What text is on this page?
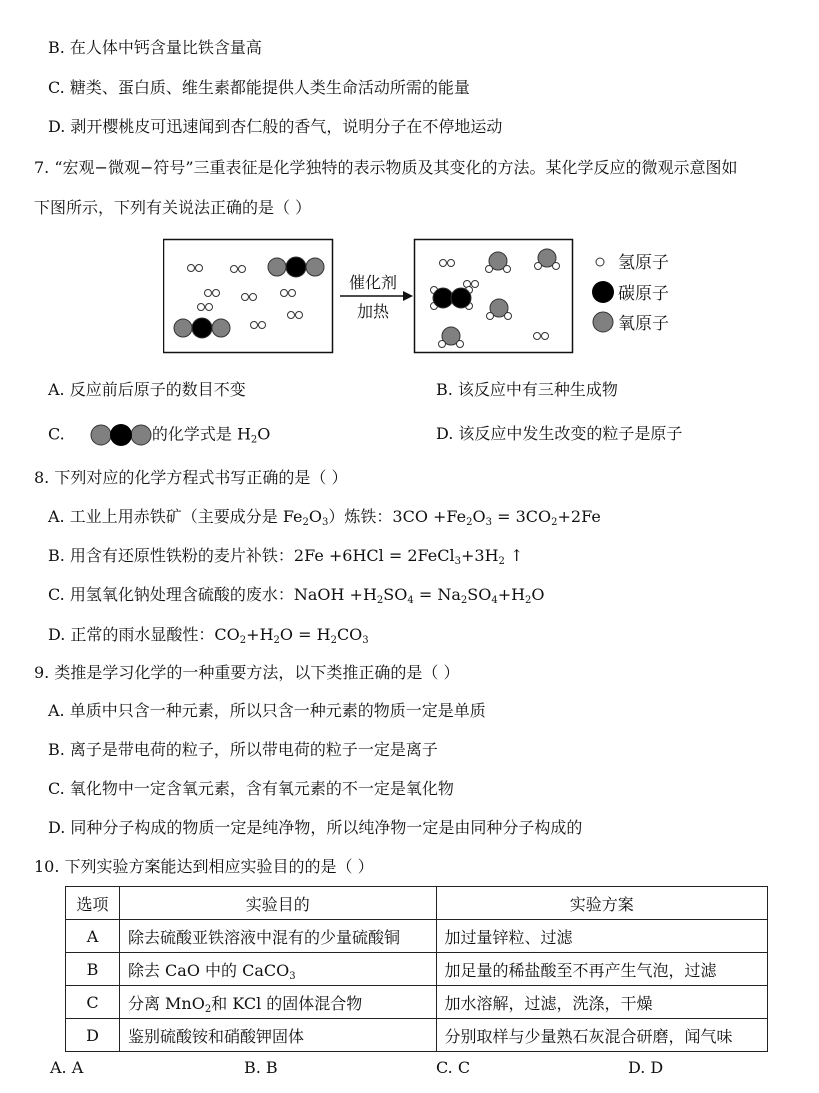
B. 在人体中钙含量比铁含量高
C. 糖类、蛋白质、维生素都能提供人类生命活动所需的能量
D. 剥开樱桃皮可迅速闻到杏仁般的香气，说明分子在不停地运动
7. “宏观−微观−符号”三重表征是化学独特的表示物质及其变化的方法。某化学反应的微观示意图如
下图所示，下列有关说法正确的是（ ）
催化剂
加热
氢原子
碳原子
氧原子
A. 反应前后原子的数目不变	B. 该反应中有三种生成物
C.	的化学式是 $H_2O$	D. 该反应中发生改变的粒子是原子
8. 下列对应的化学方程式书写正确的是（ ）
A. 工业上用赤铁矿（主要成分是 $Fe_2O_3$）炼铁：$3CO +Fe_2O_3 = 3CO_2+2Fe$
B. 用含有还原性铁粉的麦片补铁：$2Fe +6HCl = 2FeCl_3+3H_2$ ↑
C. 用氢氧化钠处理含硫酸的废水：NaOH $+H_2SO_4 = Na_2SO_4+H_2O$
D. 正常的雨水显酸性：$CO_2+H_2O = H_2CO_3$
9. 类推是学习化学的一种重要方法，以下类推正确的是（ ）
A. 单质中只含一种元素，所以只含一种元素的物质一定是单质
B. 离子是带电荷的粒子，所以带电荷的粒子一定是离子
C. 氧化物中一定含氧元素，含有氧元素的不一定是氧化物
D. 同种分子构成的物质一定是纯净物，所以纯净物一定是由同种分子构成的
10. 下列实验方案能达到相应实验目的的是（ ）
选项	实验目的	实验方案
A	除去硫酸亚铁溶液中混有的少量硫酸铜	加过量锌粒、过滤
B	除去 CaO 中的 CaCO$_3$	加足量的稀盐酸至不再产生气泡，过滤
C	分离 MnO$_2$和 KCl 的固体混合物	加水溶解，过滤，洗涤，干燥
D	鉴别硫酸铵和硝酸钾固体	分别取样与少量熟石灰混合研磨，闻气味
A. A	B. B	C. C	D. D
